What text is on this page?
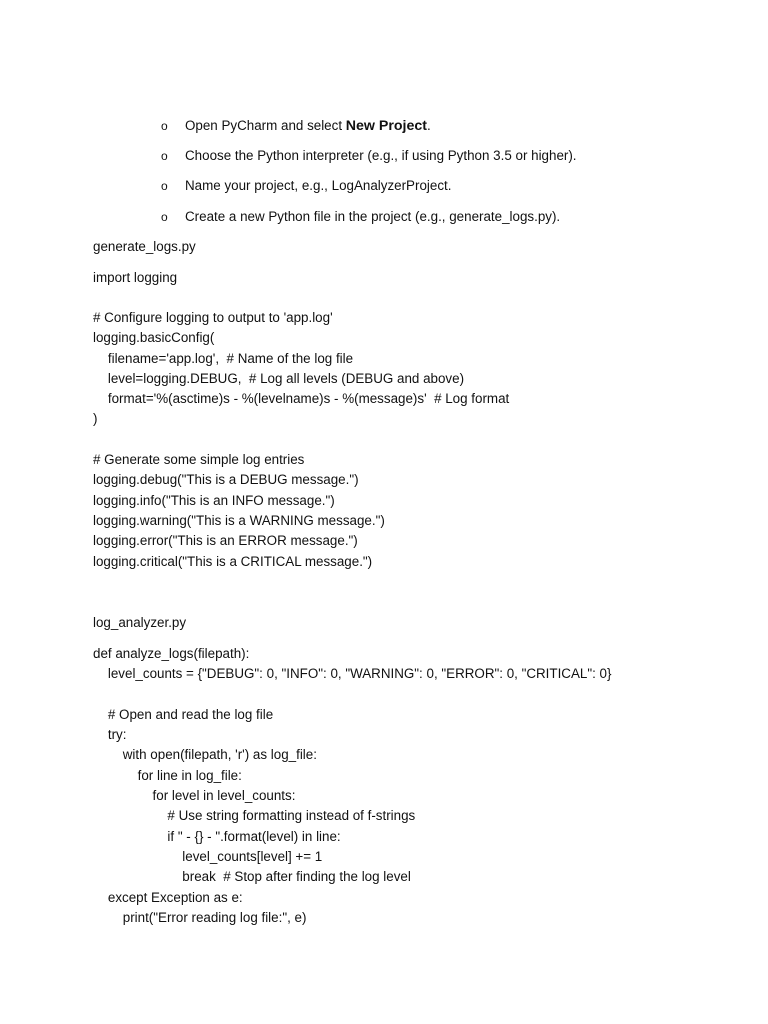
o	Open PyCharm and select New Project.
o	Choose the Python interpreter (e.g., if using Python 3.5 or higher).
o	Name your project, e.g., LogAnalyzerProject.
o	Create a new Python file in the project (e.g., generate_logs.py).
generate_logs.py
import logging
# Configure logging to output to 'app.log'
logging.basicConfig(
filename='app.log',  # Name of the log file
level=logging.DEBUG,  # Log all levels (DEBUG and above)
format='%(asctime)s - %(levelname)s - %(message)s'  # Log format
)
# Generate some simple log entries
logging.debug("This is a DEBUG message.")
logging.info("This is an INFO message.")
logging.warning("This is a WARNING message.")
logging.error("This is an ERROR message.")
logging.critical("This is a CRITICAL message.")
log_analyzer.py
def analyze_logs(filepath):
level_counts = {"DEBUG": 0, "INFO": 0, "WARNING": 0, "ERROR": 0, "CRITICAL": 0}
# Open and read the log file
try:
with open(filepath, 'r') as log_file:
for line in log_file:
for level in level_counts:
# Use string formatting instead of f-strings
if " - {} - ".format(level) in line:
level_counts[level] += 1
break  # Stop after finding the log level
except Exception as e:
print("Error reading log file:", e)
